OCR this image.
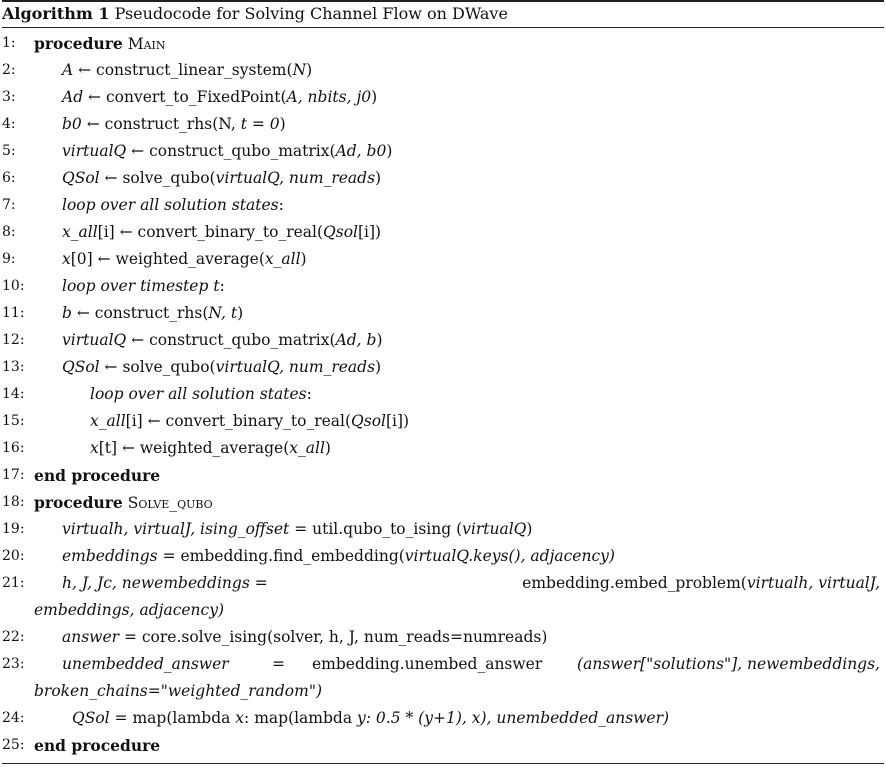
Algorithm 1 Pseudocode for Solving Channel Flow on DWave
1: procedure Main
2:	A ← construct_linear_system(N)
3:	Ad ← convert_to_FixedPoint(A, nbits, j0)
4:	b0 ← construct_rhs(N, t = 0)
5:	virtualQ ← construct_qubo_matrix(Ad, b0)
6:	QSol ← solve_qubo(virtualQ, num_reads)
7:	loop over all solution states:
8:	x_all[i] ← convert_binary_to_real(Qsol[i])
9:	x[0] ← weighted_average(x_all)
10: loop over timestep t:
11: b ← construct_rhs(N, t)
12: virtualQ ← construct_qubo_matrix(Ad, b)
13: QSol ← solve_qubo(virtualQ, num_reads)
14:	loop over all solution states:
15:	x_all[i] ← convert_binary_to_real(Qsol[i])
16:	x[t] ← weighted_average(x_all)
17: end procedure
18: procedure Solve_qubo
19: virtualh, virtualJ, ising_offset = util.qubo_to_ising (virtualQ)
20: embeddings = embedding.find_embedding(virtualQ.keys(), adjacency)
21: h, J, Jc, newembeddings =	embedding.embed_problem(virtualh, virtualJ,
embeddings, adjacency)
22: answer = core.solve_ising(solver, h, J, num_reads=numreads)
23: unembedded_answer	= embedding.unembed_answer (answer["solutions"], newembeddings,
broken_chains="weighted_random")
24:	QSol = map(lambda x: map(lambda y: 0.5 * (y+1), x), unembedded_answer)
25: end procedure
